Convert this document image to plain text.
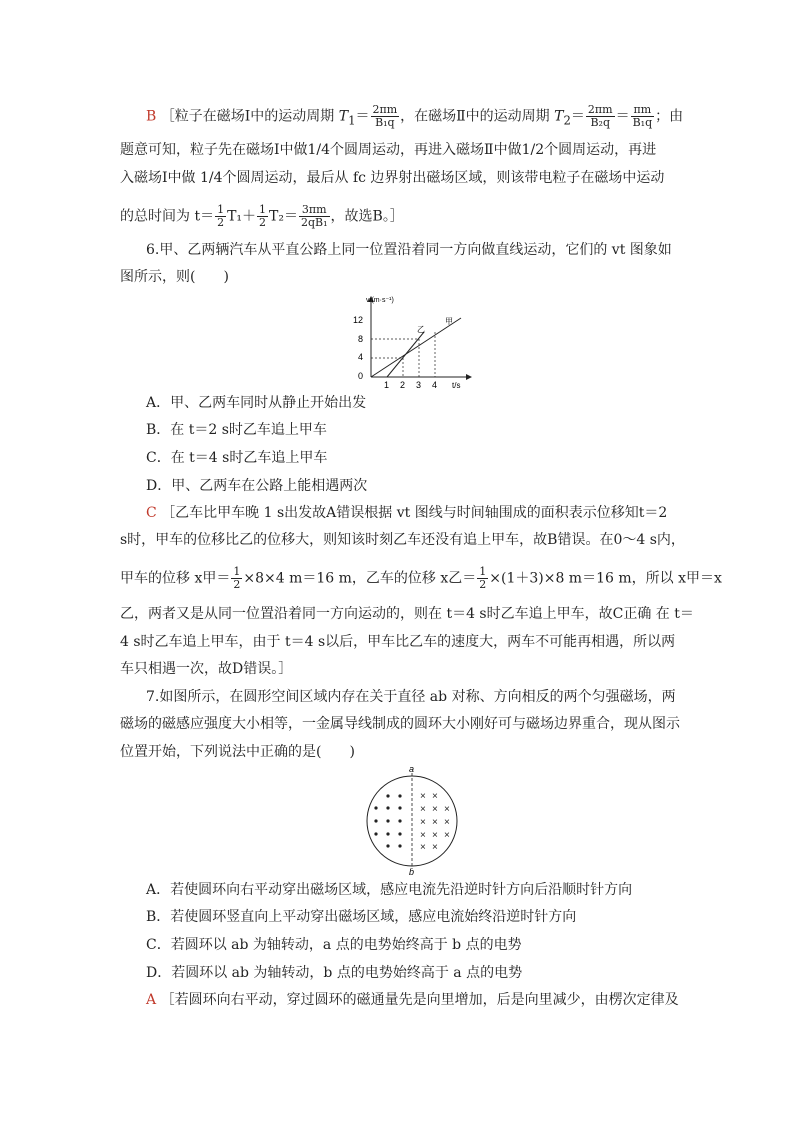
B ［粒子在磁场Ⅰ中的运动周期 $T_1= \frac{2\pi m}{\text{B₁q}}$ ，在磁场Ⅱ中的运动周期 $T_2= \frac{2\pi m}{\text{B₂q}} = \frac{\pi m}{\text{B₁q}}$ ；由
题意可知，粒子先在磁场Ⅰ中做1/4个圆周运动，再进入磁场Ⅱ中做1/2个圆周运动，再进
入磁场Ⅰ中做 1/4个圆周运动，最后从 fc 边界射出磁场区域，则该带电粒子在磁场中运动
的总时间为 $t= \frac{1}{2} T_1+ \frac{1}{2} T_2= \frac{3\pi m}{\text{2qB₁}}$ ，故选B。］
6.甲、乙两辆汽车从平直公路上同一位置沿着同一方向做直线运动，它们的 vt 图象如
图所示，则(　　)
v/(m·s⁻¹)
t/s
12
8
4
0
1 2 3 4
甲
乙
A．甲、乙两车同时从静止开始出发
B．在 t＝2 s时乙车追上甲车
C．在 t＝4 s时乙车追上甲车
D．甲、乙两车在公路上能相遇两次
C ［乙车比甲车晚 1 s出发故A错误根据 vt 图线与时间轴围成的面积表示位移知t＝2
s时，甲车的位移比乙的位移大，则知该时刻乙车还没有追上甲车，故B错误。在0～4 s内，
甲车的位移 x甲＝ $\frac{1}{2} \times 8\times 4$ m＝16 m，乙车的位移 x乙＝ $\frac{1}{2} \times(1+3)\times 8$ m＝16 m，所以 x甲＝x
乙，两者又是从同一位置沿着同一方向运动的，则在 t＝4 s时乙车追上甲车，故C正确 在 t＝
4 s时乙车追上甲车，由于 t＝4 s以后，甲车比乙车的速度大，两车不可能再相遇，所以两
车只相遇一次，故D错误。］
7.如图所示，在圆形空间区域内存在关于直径 ab 对称、方向相反的两个匀强磁场，两
磁场的磁感应强度大小相等，一金属导线制成的圆环大小刚好可与磁场边界重合，现从图示
位置开始，下列说法中正确的是(　　)
a
b
× ×
× × ×
× × ×
× × ×
× ×
A．若使圆环向右平动穿出磁场区域，感应电流先沿逆时针方向后沿顺时针方向
B．若使圆环竖直向上平动穿出磁场区域，感应电流始终沿逆时针方向
C．若圆环以 ab 为轴转动，a 点的电势始终高于 b 点的电势
D．若圆环以 ab 为轴转动，b 点的电势始终高于 a 点的电势
A ［若圆环向右平动，穿过圆环的磁通量先是向里增加，后是向里减少，由楞次定律及
